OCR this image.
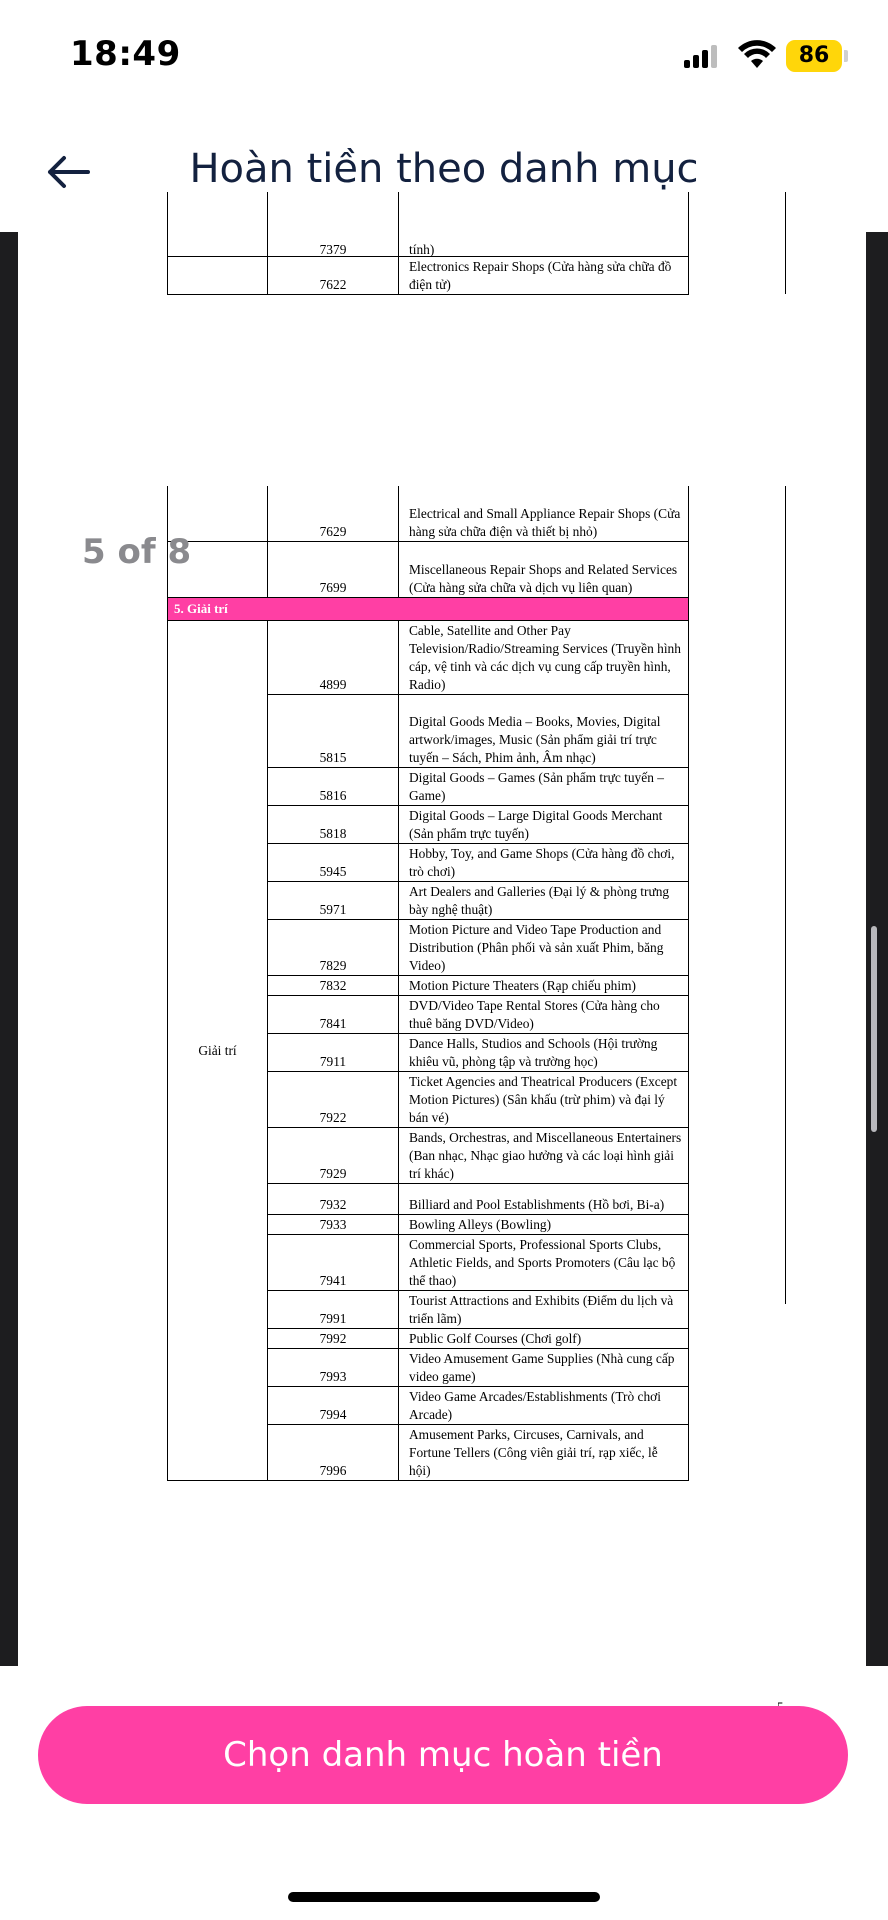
18:49	86
Hoàn tiền theo danh mục
	7379	tính)
	7622	Electronics Repair Shops (Cửa hàng sửa chữa đồ điện tử)
	7629	Electrical and Small Appliance Repair Shops (Cửa hàng sửa chữa điện và thiết bị nhỏ)
	7699	Miscellaneous Repair Shops and Related Services (Cửa hàng sửa chữa và dịch vụ liên quan)
5. Giải trí		
Giải trí	4899	Cable, Satellite and Other Pay Television/Radio/Streaming Services (Truyền hình cáp, vệ tinh và các dịch vụ cung cấp truyền hình, Radio)
	5815	Digital Goods Media – Books, Movies, Digital artwork/images, Music (Sản phẩm giải trí trực tuyến – Sách, Phim ảnh, Âm nhạc)
	5816	Digital Goods – Games (Sản phẩm trực tuyến – Game)
	5818	Digital Goods – Large Digital Goods Merchant (Sản phẩm trực tuyến)
	5945	Hobby, Toy, and Game Shops (Cửa hàng đồ chơi, trò chơi)
	5971	Art Dealers and Galleries (Đại lý & phòng trưng bày nghệ thuật)
	7829	Motion Picture and Video Tape Production and Distribution (Phân phối và sản xuất Phim, băng Video)
	7832	Motion Picture Theaters (Rạp chiếu phim)
	7841	DVD/Video Tape Rental Stores (Cửa hàng cho thuê băng DVD/Video)
	7911	Dance Halls, Studios and Schools (Hội trường khiêu vũ, phòng tập và trường học)
	7922	Ticket Agencies and Theatrical Producers (Except Motion Pictures) (Sân khấu (trừ phim) và đại lý bán vé)
	7929	Bands, Orchestras, and Miscellaneous Entertainers (Ban nhạc, Nhạc giao hưởng và các loại hình giải trí khác)
	7932	Billiard and Pool Establishments (Hồ bơi, Bi-a)
	7933	Bowling Alleys (Bowling)
	7941	Commercial Sports, Professional Sports Clubs, Athletic Fields, and Sports Promoters (Câu lạc bộ thể thao)
	7991	Tourist Attractions and Exhibits (Điểm du lịch và triển lãm)
	7992	Public Golf Courses (Chơi golf)
	7993	Video Amusement Game Supplies (Nhà cung cấp video game)
	7994	Video Game Arcades/Establishments (Trò chơi Arcade)
	7996	Amusement Parks, Circuses, Carnivals, and Fortune Tellers (Công viên giải trí, rạp xiếc, lễ hội)
5 of 8
Chọn danh mục hoàn tiền
